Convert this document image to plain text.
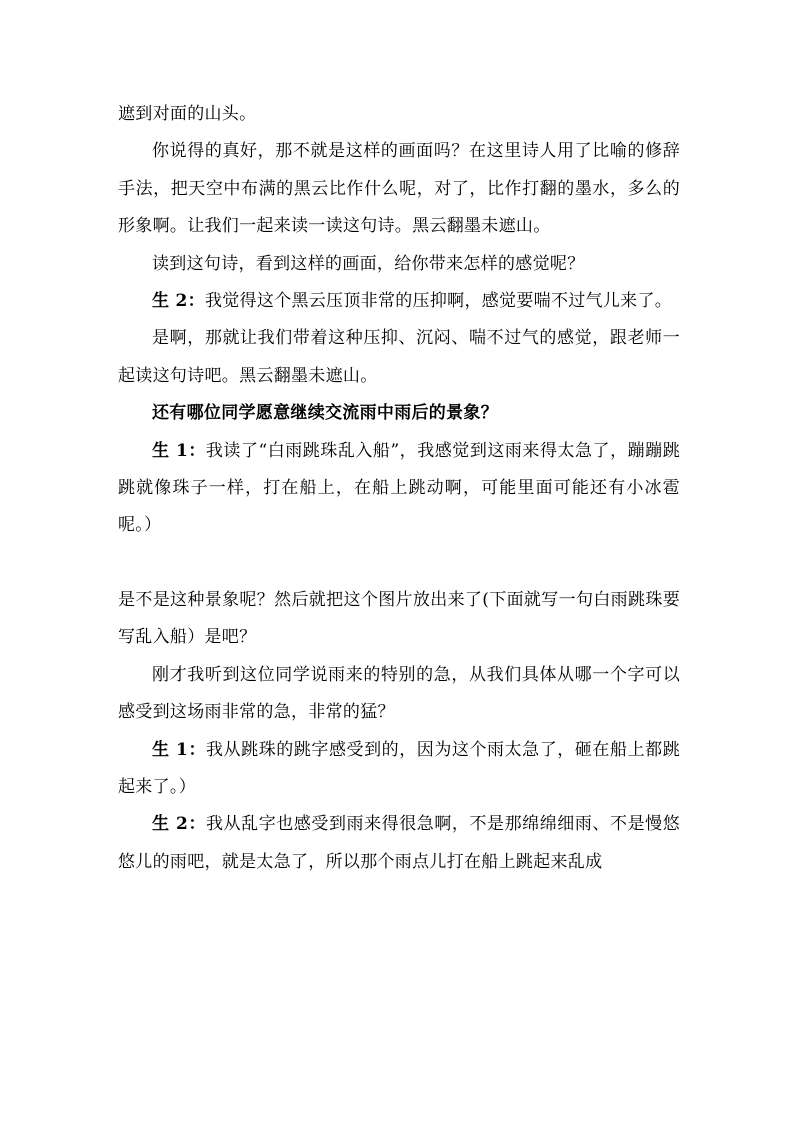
遮到对面的山头。

你说得的真好，那不就是这样的画面吗？在这里诗人用了比喻的修辞手法，把天空中布满的黑云比作什么呢，对了，比作打翻的墨水，多么的形象啊。让我们一起来读一读这句诗。黑云翻墨未遮山。

读到这句诗，看到这样的画面，给你带来怎样的感觉呢？

生 2：我觉得这个黑云压顶非常的压抑啊，感觉要喘不过气儿来了。

是啊，那就让我们带着这种压抑、沉闷、喘不过气的感觉，跟老师一起读这句诗吧。黑云翻墨未遮山。

还有哪位同学愿意继续交流雨中雨后的景象？

生 1：我读了“白雨跳珠乱入船”，我感觉到这雨来得太急了，蹦蹦跳跳就像珠子一样，打在船上，在船上跳动啊，可能里面可能还有小冰雹呢。）

是不是这种景象呢？然后就把这个图片放出来了(下面就写一句白雨跳珠要写乱入船）是吧？

刚才我听到这位同学说雨来的特别的急，从我们具体从哪一个字可以感受到这场雨非常的急，非常的猛？

生 1：我从跳珠的跳字感受到的，因为这个雨太急了，砸在船上都跳起来了。）

生 2：我从乱字也感受到雨来得很急啊，不是那绵绵细雨、不是慢悠悠儿的雨吧，就是太急了，所以那个雨点儿打在船上跳起来乱成
